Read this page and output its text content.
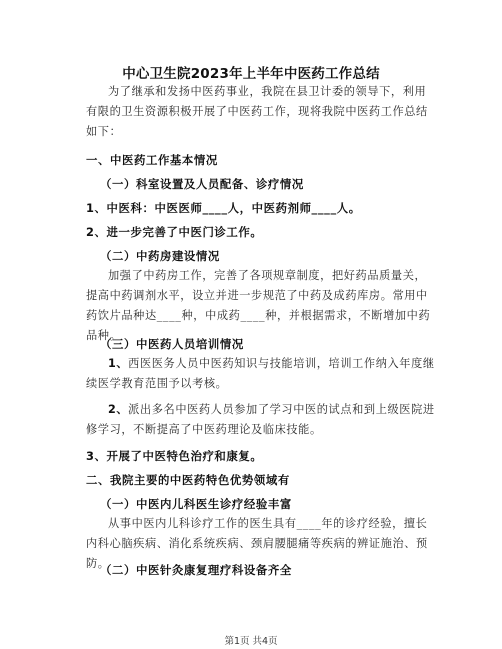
中心卫生院2023年上半年中医药工作总结
为了继承和发扬中医药事业，我院在县卫计委的领导下，利用有限的卫生资源积极开展了中医药工作，现将我院中医药工作总结如下：
一、中医药工作基本情况
（一）科室设置及人员配备、诊疗情况
1、中医科：中医医师____人，中医药剂师____人。
2、进一步完善了中医门诊工作。
（二）中药房建设情况
加强了中药房工作，完善了各项规章制度，把好药品质量关，提高中药调剂水平，设立并进一步规范了中药及成药库房。常用中药饮片品种达____种，中成药____种，并根据需求，不断增加中药品种。
（三）中医药人员培训情况
1、西医医务人员中医药知识与技能培训，培训工作纳入年度继续医学教育范围予以考核。
2、派出多名中医药人员参加了学习中医的试点和到上级医院进修学习，不断提高了中医药理论及临床技能。
3、开展了中医特色治疗和康复。
二、我院主要的中医药特色优势领域有
（一）中医内儿科医生诊疗经验丰富
从事中医内儿科诊疗工作的医生具有____年的诊疗经验，擅长内科心脑疾病、消化系统疾病、颈肩腰腿痛等疾病的辨证施治、预防。
（二）中医针灸康复理疗科设备齐全
第1页 共4页
